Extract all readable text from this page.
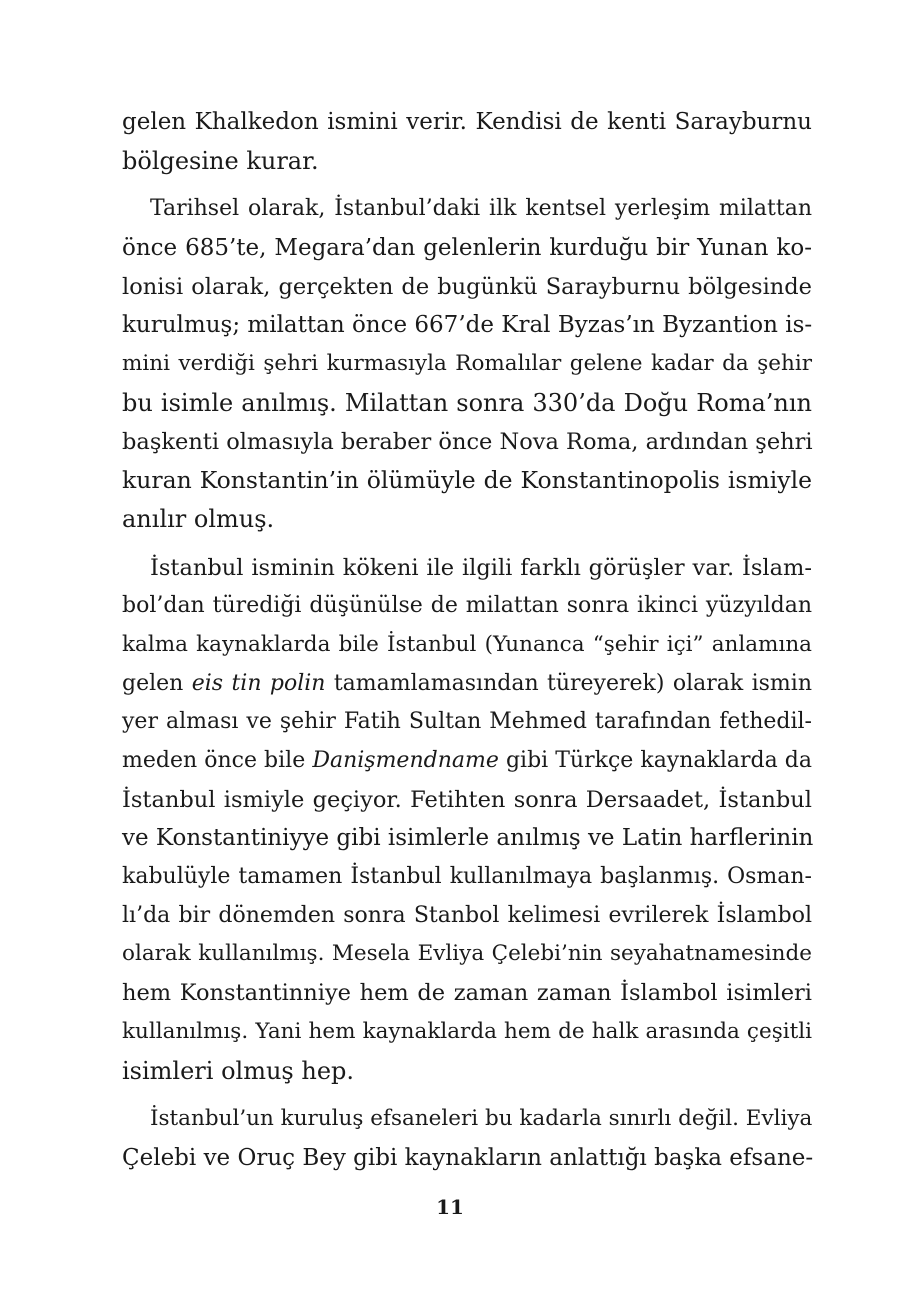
gelen Khalkedon ismini verir. Kendisi de kenti Sarayburnu
bölgesine kurar.
Tarihsel olarak, İstanbul’daki ilk kentsel yerleşim milattan
önce 685’te, Megara’dan gelenlerin kurduğu bir Yunan ko-
lonisi olarak, gerçekten de bugünkü Sarayburnu bölgesinde
kurulmuş; milattan önce 667’de Kral Byzas’ın Byzantion is-
mini verdiği şehri kurmasıyla Romalılar gelene kadar da şehir
bu isimle anılmış. Milattan sonra 330’da Doğu Roma’nın
başkenti olmasıyla beraber önce Nova Roma, ardından şehri
kuran Konstantin’in ölümüyle de Konstantinopolis ismiyle
anılır olmuş.
İstanbul isminin kökeni ile ilgili farklı görüşler var. İslam-
bol’dan türediği düşünülse de milattan sonra ikinci yüzyıldan
kalma kaynaklarda bile İstanbul (Yunanca “şehir içi” anlamına
gelen eis tin polin tamamlamasından türeyerek) olarak ismin
yer alması ve şehir Fatih Sultan Mehmed tarafından fethedil-
meden önce bile Danişmendname gibi Türkçe kaynaklarda da
İstanbul ismiyle geçiyor. Fetihten sonra Dersaadet, İstanbul
ve Konstantiniyye gibi isimlerle anılmış ve Latin harflerinin
kabulüyle tamamen İstanbul kullanılmaya başlanmış. Osman-
lı’da bir dönemden sonra Stanbol kelimesi evrilerek İslambol
olarak kullanılmış. Mesela Evliya Çelebi’nin seyahatnamesinde
hem Konstantinniye hem de zaman zaman İslambol isimleri
kullanılmış. Yani hem kaynaklarda hem de halk arasında çeşitli
isimleri olmuş hep.
İstanbul’un kuruluş efsaneleri bu kadarla sınırlı değil. Evliya
Çelebi ve Oruç Bey gibi kaynakların anlattığı başka efsane-
11
